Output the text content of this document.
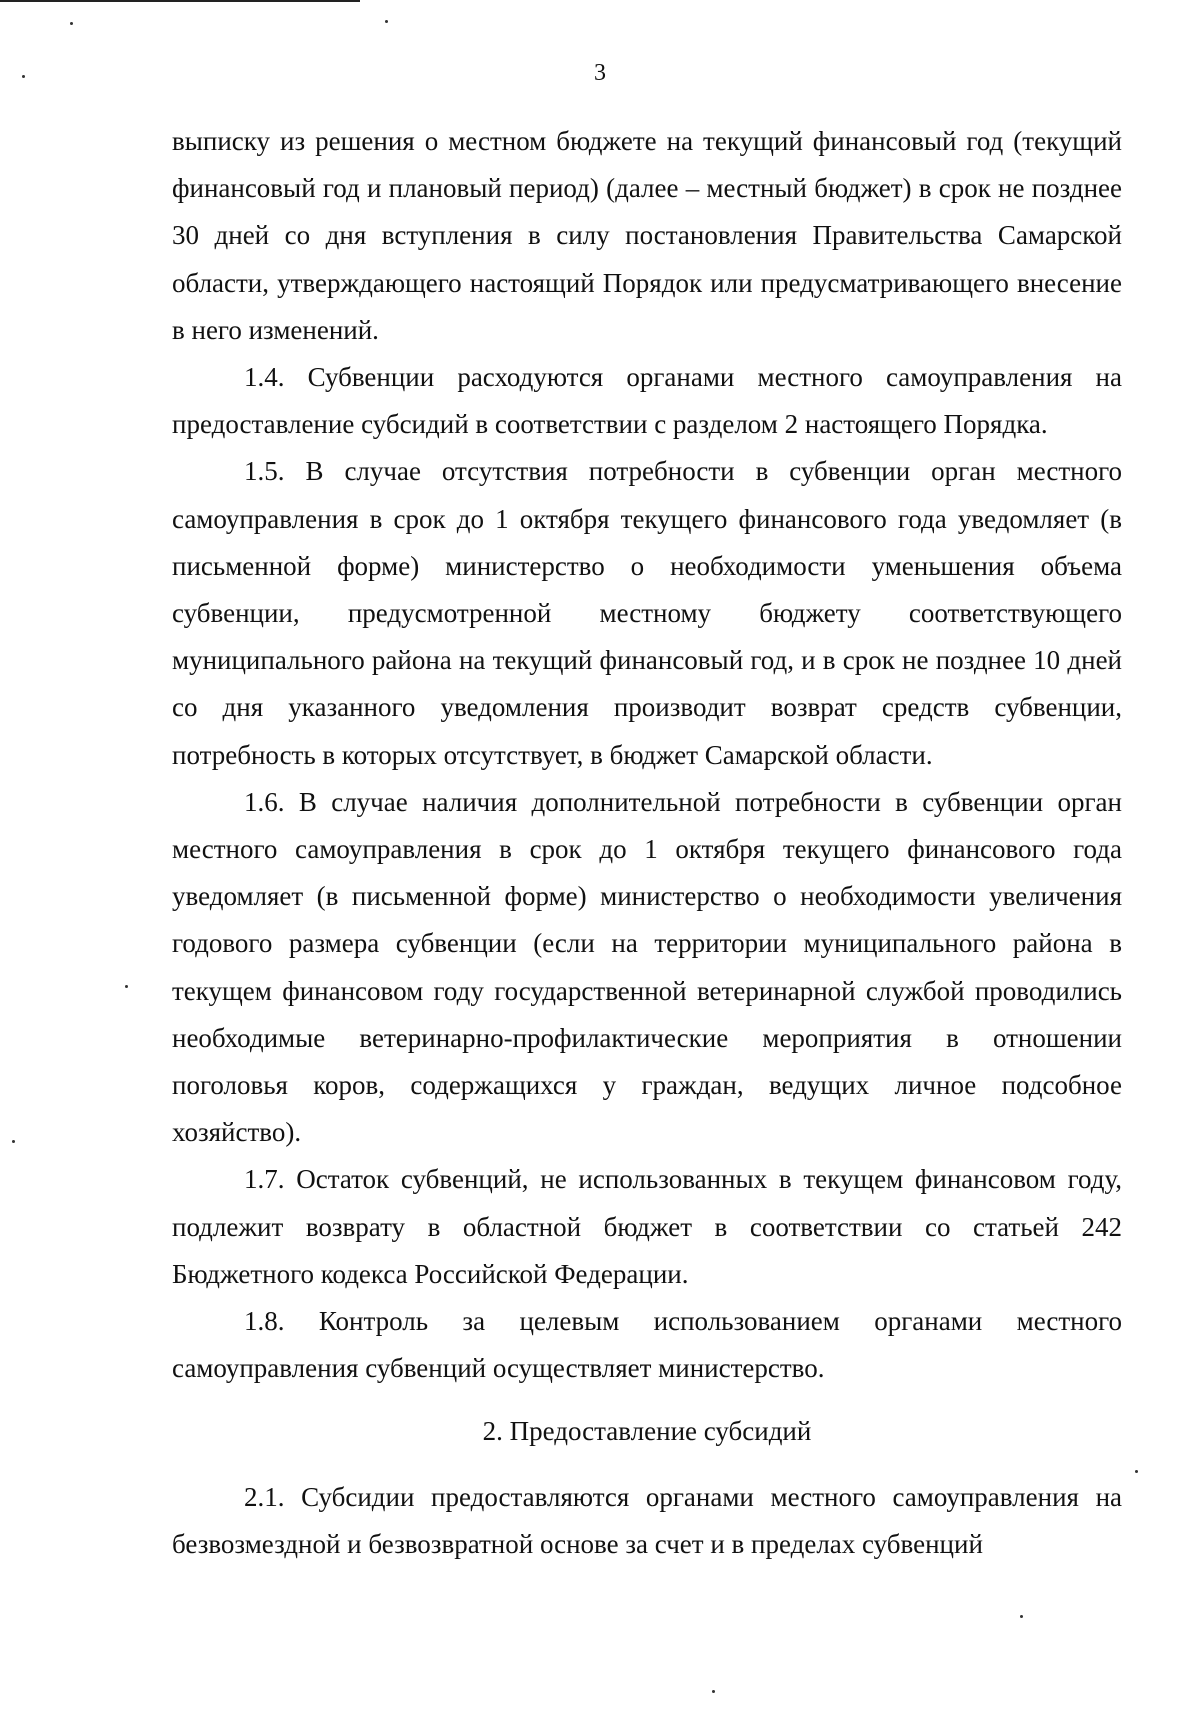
3

выписку из решения о местном бюджете на текущий финансовый год (текущий финансовый год и плановый период) (далее – местный бюджет) в срок не позднее 30 дней со дня вступления в силу постановления Правительства Самарской области, утверждающего настоящий Порядок или предусматривающего внесение в него изменений.

1.4. Субвенции расходуются органами местного самоуправления на предоставление субсидий в соответствии с разделом 2 настоящего Порядка.

1.5. В случае отсутствия потребности в субвенции орган местного самоуправления в срок до 1 октября текущего финансового года уведомляет (в письменной форме) министерство о необходимости уменьшения объема субвенции, предусмотренной местному бюджету соответствующего муниципального района на текущий финансовый год, и в срок не позднее 10 дней со дня указанного уведомления производит возврат средств субвенции, потребность в которых отсутствует, в бюджет Самарской области.

1.6. В случае наличия дополнительной потребности в субвенции орган местного самоуправления в срок до 1 октября текущего финансового года уведомляет (в письменной форме) министерство о необходимости увеличения годового размера субвенции (если на территории муниципального района в текущем финансовом году государственной ветеринарной службой проводились необходимые ветеринарно-профилактические мероприятия в отношении поголовья коров, содержащихся у граждан, ведущих личное подсобное хозяйство).

1.7. Остаток субвенций, не использованных в текущем финансовом году, подлежит возврату в областной бюджет в соответствии со статьей 242 Бюджетного кодекса Российской Федерации.

1.8. Контроль за целевым использованием органами местного самоуправления субвенций осуществляет министерство.

2. Предоставление субсидий

2.1. Субсидии предоставляются органами местного самоуправления на безвозмездной и безвозвратной основе за счет и в пределах субвенций
